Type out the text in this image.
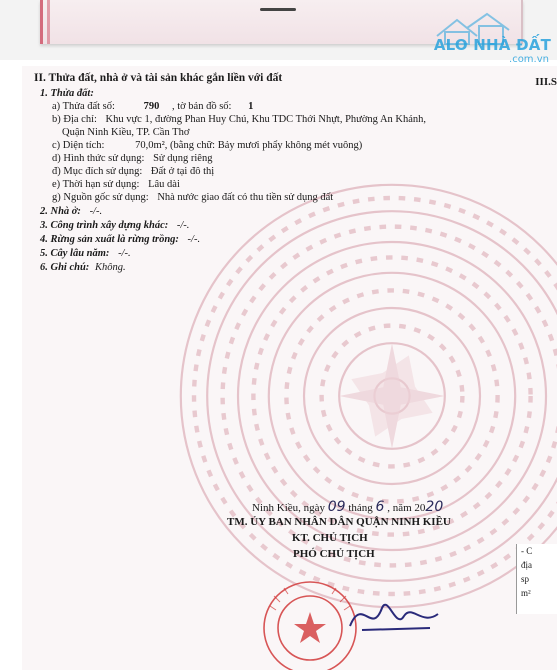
ALO NHÀ ĐẤT
.com.vn
III.S
II. Thửa đất, nhà ở và tài sản khác gắn liền với đất
1. Thửa đất:
a) Thửa đất số:	790 , tờ bản đồ số: 1
b) Địa chỉ: Khu vực 1, đường Phan Huy Chú, Khu TDC Thới Nhựt, Phường An Khánh,
Quận Ninh Kiều, TP. Cần Thơ
c) Diện tích:	70,0m², (bằng chữ: Bảy mươi phẩy không mét vuông)
d) Hình thức sử dụng: Sử dụng riêng
đ) Mục đích sử dụng: Đất ở tại đô thị
e) Thời hạn sử dụng: Lâu dài
g) Nguồn gốc sử dụng: Nhà nước giao đất có thu tiền sử dụng đất
2. Nhà ở: -/-.
3. Công trình xây dựng khác: -/-.
4. Rừng sản xuất là rừng trồng: -/-.
5. Cây lâu năm: -/-.
6. Ghi chú: Không.
Ninh Kiều, ngày 09 tháng 6 , năm 2020
TM. ỦY BAN NHÂN DÂN QUẬN NINH KIỀU
KT. CHỦ TỊCH
PHÓ CHỦ TỊCH	- C
địa
sp
m²
